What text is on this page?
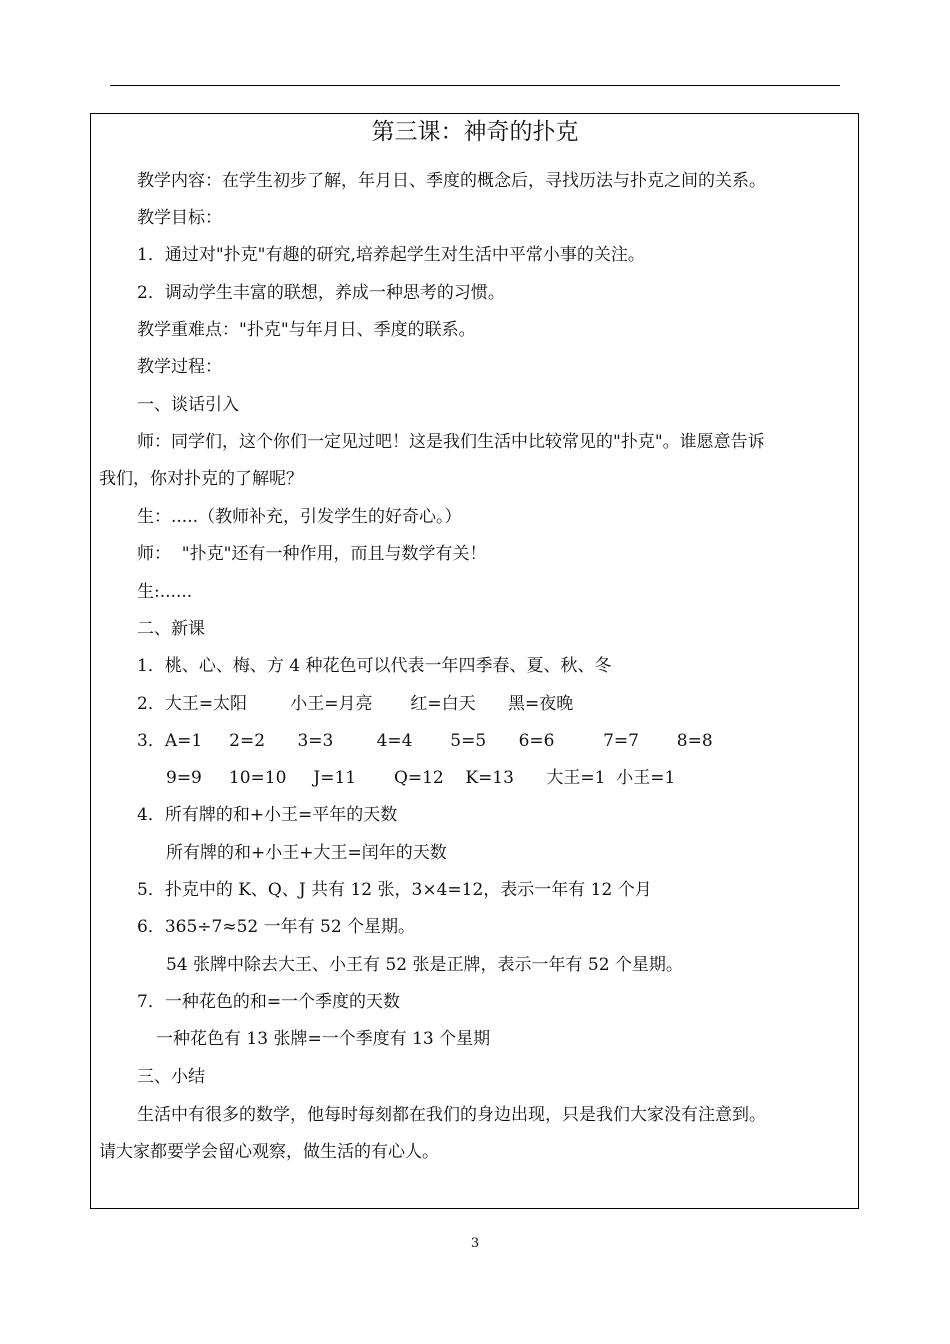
第三课：神奇的扑克
教学内容：在学生初步了解，年月日、季度的概念后，寻找历法与扑克之间的关系。
教学目标：
1．通过对"扑克"有趣的研究,培养起学生对生活中平常小事的关注。
2．调动学生丰富的联想，养成一种思考的习惯。
教学重难点："扑克"与年月日、季度的联系。
教学过程：
一、谈话引入
师：同学们，这个你们一定见过吧！这是我们生活中比较常见的"扑克"。谁愿意告诉
我们，你对扑克的了解呢？
生：.....（教师补充，引发学生的好奇心。）
师：  "扑克"还有一种作用，而且与数学有关！
生:......
二、新课
1．桃、心、梅、方 4 种花色可以代表一年四季春、夏、秋、冬
2．大王=太阳        小王=月亮       红=白天      黑=夜晚
3．A=1     2=2      3=3        4=4       5=5      6=6         7=7       8=8
9=9     10=10     J=11       Q=12    K=13      大王=1  小王=1
4．所有牌的和+小王=平年的天数
所有牌的和+小王+大王=闰年的天数
5．扑克中的 K、Q、J 共有 12 张，3×4=12，表示一年有 12 个月
6．365÷7≈52 一年有 52 个星期。
54 张牌中除去大王、小王有 52 张是正牌，表示一年有 52 个星期。
7．一种花色的和=一个季度的天数
一种花色有 13 张牌=一个季度有 13 个星期
三、小结
生活中有很多的数学，他每时每刻都在我们的身边出现，只是我们大家没有注意到。
请大家都要学会留心观察，做生活的有心人。
3
